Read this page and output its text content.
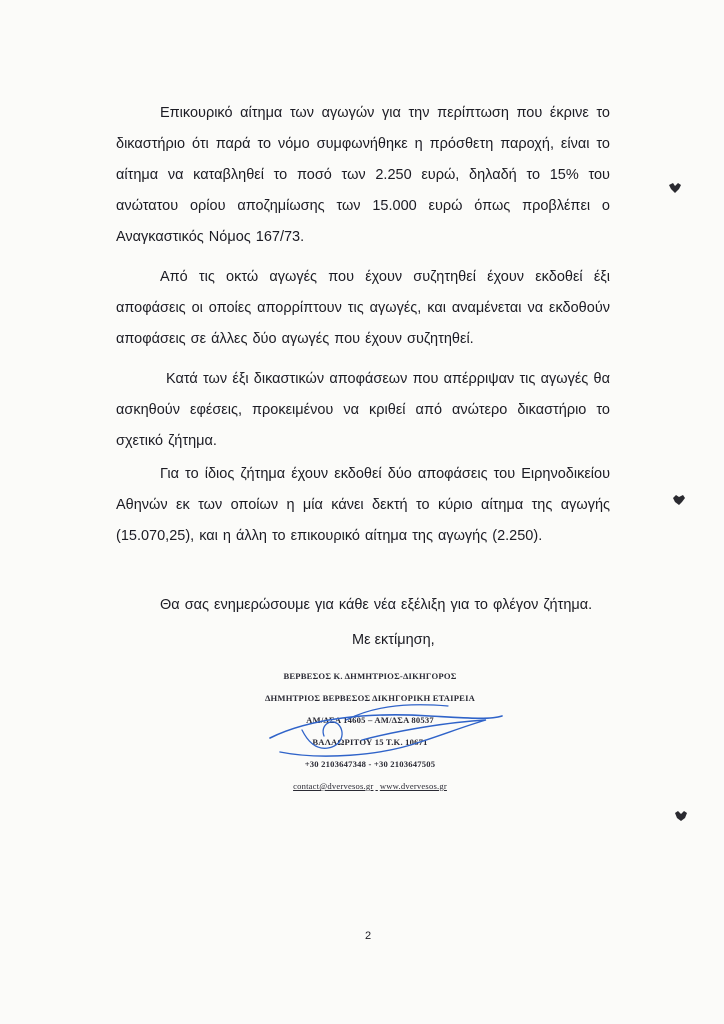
Επικουρικό αίτημα των αγωγών για την περίπτωση που έκρινε το δικαστήριο ότι παρά το νόμο συμφωνήθηκε η πρόσθετη παροχή, είναι το αίτημα να καταβληθεί το ποσό των 2.250 ευρώ, δηλαδή το 15% του ανώτατου ορίου αποζημίωσης των 15.000 ευρώ όπως προβλέπει ο Αναγκαστικός Νόμος 167/73.

Από τις οκτώ αγωγές που έχουν συζητηθεί έχουν εκδοθεί έξι αποφάσεις οι οποίες απορρίπτουν τις αγωγές, και αναμένεται να εκδοθούν αποφάσεις σε άλλες δύο αγωγές που έχουν συζητηθεί.

Κατά των έξι δικαστικών αποφάσεων που απέρριψαν τις αγωγές θα ασκηθούν εφέσεις, προκειμένου να κριθεί από ανώτερο δικαστήριο το σχετικό ζήτημα.

Για το ίδιος ζήτημα έχουν εκδοθεί δύο αποφάσεις του Ειρηνοδικείου Αθηνών εκ των οποίων η μία κάνει δεκτή το κύριο αίτημα της αγωγής (15.070,25), και η άλλη το επικουρικό αίτημα της αγωγής (2.250).

Θα σας ενημερώσουμε για κάθε νέα εξέλιξη για το φλέγον ζήτημα.

Με εκτίμηση,
ΒΕΡΒΕΣΟΣ Κ. ΔΗΜΗΤΡΙΟΣ-ΔΙΚΗΓΟΡΟΣ
ΔΗΜΗΤΡΙΟΣ ΒΕΡΒΕΣΟΣ ΔΙΚΗΓΟΡΙΚΗ ΕΤΑΙΡΕΙΑ
ΑΜ/ΔΣΑ 14605 – ΑΜ/ΔΣΑ 80537
ΒΑΛΑΩΡΙΤΟΥ 15 Τ.Κ. 10671
+30 2103647348 - +30 2103647505
contact@dvervesos.gr www.dvervesos.gr
2
